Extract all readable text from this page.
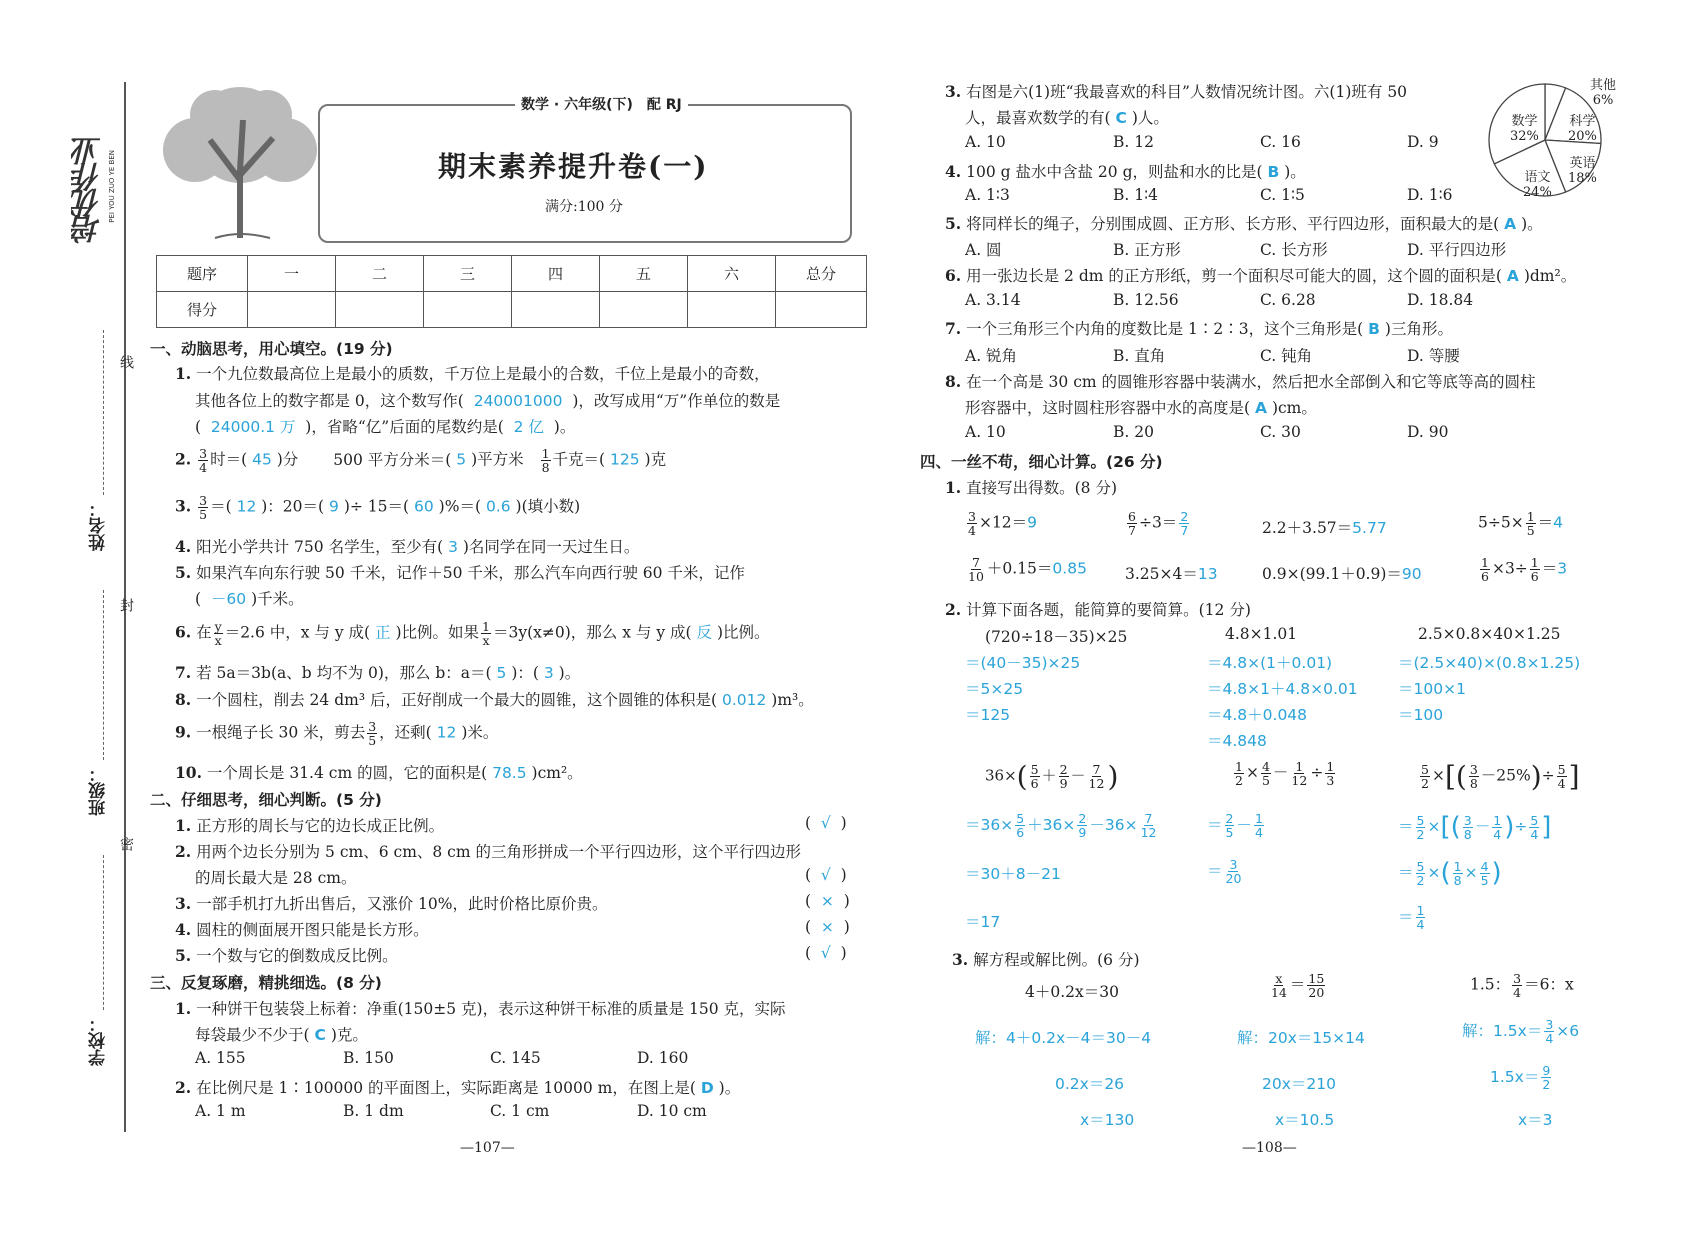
培优作业 PEI YOU ZUO YE BEN
线
封
密
姓名：
班级：
学校：
数学 · 六年级(下)　配 RJ
期末素养提升卷(一)
满分:100 分
题序	一	二	三	四	五	六	总分
得分							
一、动脑思考，用心填空。(19 分)
1. 一个九位数最高位上是最小的质数，千万位上是最小的合数，千位上是最小的奇数，
其他各位上的数字都是 0，这个数写作( 240001000 )，改写成用“万”作单位的数是
(  24000.1 万 )，省略“亿”后面的尾数约是( 2 亿 )。
2. $\frac{3}{4}$ 时＝( 45 )分 500 平方分米＝( 5 )平方米 $\frac{1}{8}$ 千克＝( 125 )克
3. $\frac{3}{5}$ ＝( 12 )：20＝( 9 )÷ 15＝( 60 )%＝( 0.6 )(填小数)
4. 阳光小学共计 750 名学生，至少有( 3 )名同学在同一天过生日。
5. 如果汽车向东行驶 50 千米，记作＋50 千米，那么汽车向西行驶 60 千米，记作
(  －60 )千米。
6. 在 $\frac{y}{x} =2.6$ 中，x 与 y 成( 正 )比例。如果 $\frac{1}{x} =3y(x\ne 0)$，那么 x 与 y 成( 反 )比例。
7. 若 5a＝3b(a、b 均不为 0)，那么 b：a＝( 5 )：( 3 )。
8. 一个圆柱，削去 24 dm³ 后，正好削成一个最大的圆锥，这个圆锥的体积是( 0.012 )m³。
9. 一根绳子长 30 米，剪去 $\frac{3}{5}$ ，还剩( 12 )米。
10. 一个周长是 31.4 cm 的圆，它的面积是( 78.5 )cm²。
二、仔细思考，细心判断。(5 分)
1. 正方形的周长与它的边长成正比例。	(  √  )
2. 用两个边长分别为 5 cm、6 cm、8 cm 的三角形拼成一个平行四边形，这个平行四边形
的周长最大是 28 cm。	(  √  )
3. 一部手机打九折出售后，又涨价 10%，此时价格比原价贵。	(  ×  )
4. 圆柱的侧面展开图只能是长方形。	(  ×  )
5. 一个数与它的倒数成反比例。	(  √  )
三、反复琢磨，精挑细选。(8 分)
1. 一种饼干包装袋上标着：净重(150±5 克)，表示这种饼干标准的质量是 150 克，实际
每袋最少不少于( C )克。
A. 155	B. 150	C. 145	D. 160
2. 在比例尺是 1∶100000 的平面图上，实际距离是 10000 m，在图上是( D )。
A. 1 m	B. 1 dm	C. 1 cm	D. 10 cm
—107—
3. 右图是六(1)班“我最喜欢的科目”人数情况统计图。六(1)班有 50
人，最喜欢数学的有( C )人。
A. 10	B. 12	C. 16	D. 9
数学
32%
科学
20%
英语
18%
语文
24%
其他
6%
4. 100 g 盐水中含盐 20 g，则盐和水的比是( B )。
A. 1∶3	B. 1∶4	C. 1∶5	D. 1∶6
5. 将同样长的绳子，分别围成圆、正方形、长方形、平行四边形，面积最大的是( A )。
A. 圆	B. 正方形	C. 长方形	D. 平行四边形
6. 用一张边长是 2 dm 的正方形纸，剪一个面积尽可能大的圆，这个圆的面积是( A )dm²。
A. 3.14	B. 12.56	C. 6.28	D. 18.84
7. 一个三角形三个内角的度数比是 1∶2∶3，这个三角形是( B )三角形。
A. 锐角	B. 直角	C. 钝角	D. 等腰
8. 在一个高是 30 cm 的圆锥形容器中装满水，然后把水全部倒入和它等底等高的圆柱
形容器中，这时圆柱形容器中水的高度是( A )cm。
A. 10	B. 20	C. 30	D. 90
四、一丝不苟，细心计算。(26 分)
1. 直接写出得数。(8 分)
$\frac{3}{4} \times 12=9$	$\frac{6}{7} \div 3= \frac{2}{7}$	2.2＋3.57＝5.77	$5\div 5\times \frac{1}{5} =4$
$\frac{7}{10} +0.15=0.85$ 3.25×4＝13	0.9×(99.1＋0.9)＝90	$\frac{1}{6} \times 3\div \frac{1}{6} =3$
2. 计算下面各题，能简算的要简算。(12 分)
(720÷18－35)×25
＝(40－35)×25
＝5×25
＝125
4.8×1.01
＝4.8×(1＋0.01)
＝4.8×1＋4.8×0.01
＝4.8＋0.048
＝4.848
2.5×0.8×40×1.25
＝(2.5×40)×(0.8×1.25)
＝100×1
＝100
$36\times( \frac{5}{6} + \frac{2}{9} - \frac{7}{12}$ )
$=36\times \frac{5}{6} +36\times \frac{2}{9} -36\times \frac{7}{12}$
＝30＋8－21
＝17
$\frac{1}{2} \times \frac{4}{5} - \frac{1}{12} \div \frac{1}{3}$
＝ $\frac{2}{5} - \frac{1}{4}$
＝ $\frac{3}{20}$
$\frac{5}{2}$ ×[( $\frac{3}{8} -25\%)\div \frac{5}{4}$ ]
＝ $\frac{5}{2}$ ×[( $\frac{3}{8} - \frac{1}{4}$ )÷ $\frac{5}{4}$ ]
＝ $\frac{5}{2}$ ×( $\frac{1}{8} \times \frac{4}{5}$ )
＝ $\frac{1}{4}$
3. 解方程或解比例。(6 分)
4＋0.2x＝30
解：4＋0.2x－4＝30－4
0.2x＝26
x＝130
$\frac{x}{14} = \frac{15}{20}$
解：20x＝15×14
20x＝210
x＝10.5
1.5： $\frac{3}{4} =6$：x
解：$1.5x= \frac{3}{4} \times 6$
$1.5x= \frac{9}{2}$
x＝3
—108—
